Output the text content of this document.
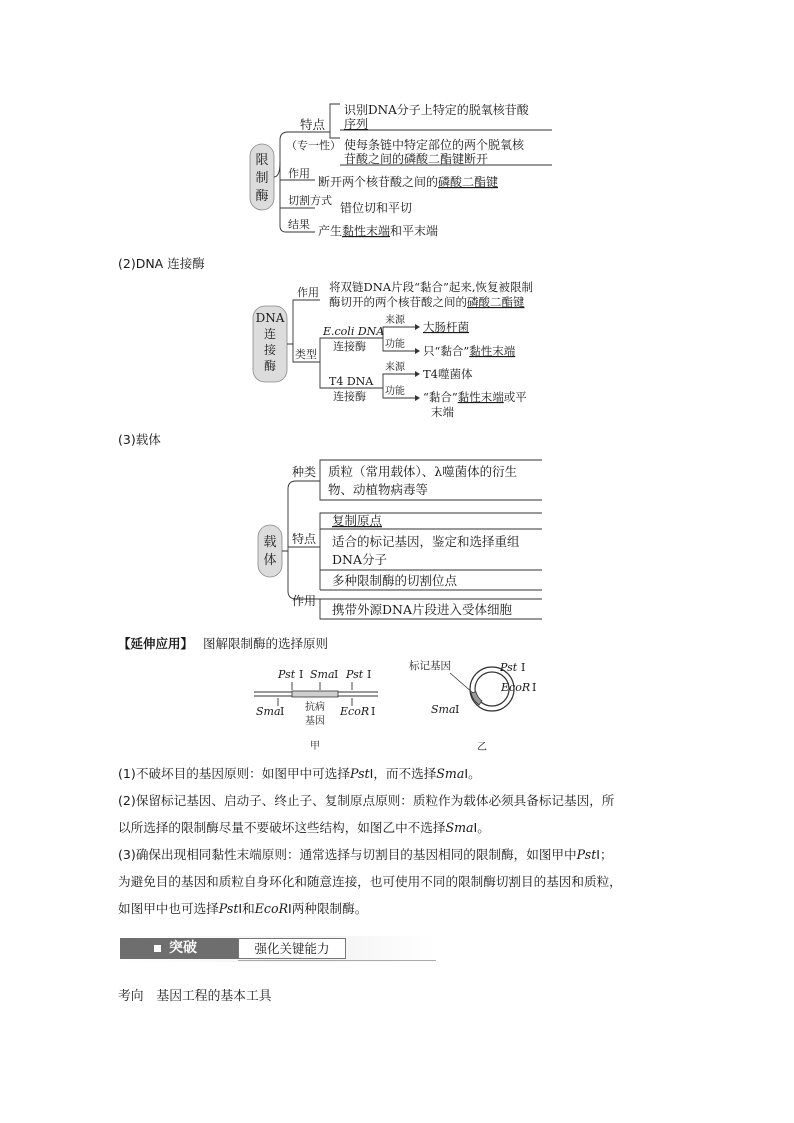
限
制
酶
特点
（专一性）
作用
切割方式
结果
识别DNA分子上特定的脱氧核苷酸
序列
使每条链中特定部位的两个脱氧核
苷酸之间的磷酸二酯键断开
断开两个核苷酸之间的磷酸二酯键
错位切和平切
产生黏性末端和平末端
(2)DNA 连接酶
DNA
连
接
酶
作用
类型
将双链DNA片段“黏合”起来,恢复被限制
酶切开的两个核苷酸之间的磷酸二酯键
E.coli DNA
连接酶
T4 DNA
连接酶
来源
功能
大肠杆菌
只“黏合”黏性末端
来源
功能
T4噬菌体
“黏合”黏性末端或平
末端
(3)载体
载
体
种类
特点
作用
质粒（常用载体）、λ噬菌体的衍生
物、动植物病毒等
复制原点
适合的标记基因，鉴定和选择重组
DNA分子
多种限制酶的切割位点
携带外源DNA片段进入受体细胞
【延伸应用】 图解限制酶的选择原则
Pst Ⅰ Sma Ⅰ Pst Ⅰ
Sma Ⅰ	EcoR Ⅰ
抗病
基因
甲
标记基因	Pst Ⅰ
EcoR Ⅰ
Sma Ⅰ
乙
(1)不破坏目的基因原则：如图甲中可选择PstⅠ，而不选择SmaⅠ。
(2)保留标记基因、启动子、终止子、复制原点原则：质粒作为载体必须具备标记基因，所
以所选择的限制酶尽量不要破坏这些结构，如图乙中不选择SmaⅠ。
(3)确保出现相同黏性末端原则：通常选择与切割目的基因相同的限制酶，如图甲中PstⅠ；
为避免目的基因和质粒自身环化和随意连接，也可使用不同的限制酶切割目的基因和质粒，
如图甲中也可选择PstⅠ和EcoRⅠ两种限制酶。
突破	强化关键能力
考向　基因工程的基本工具
